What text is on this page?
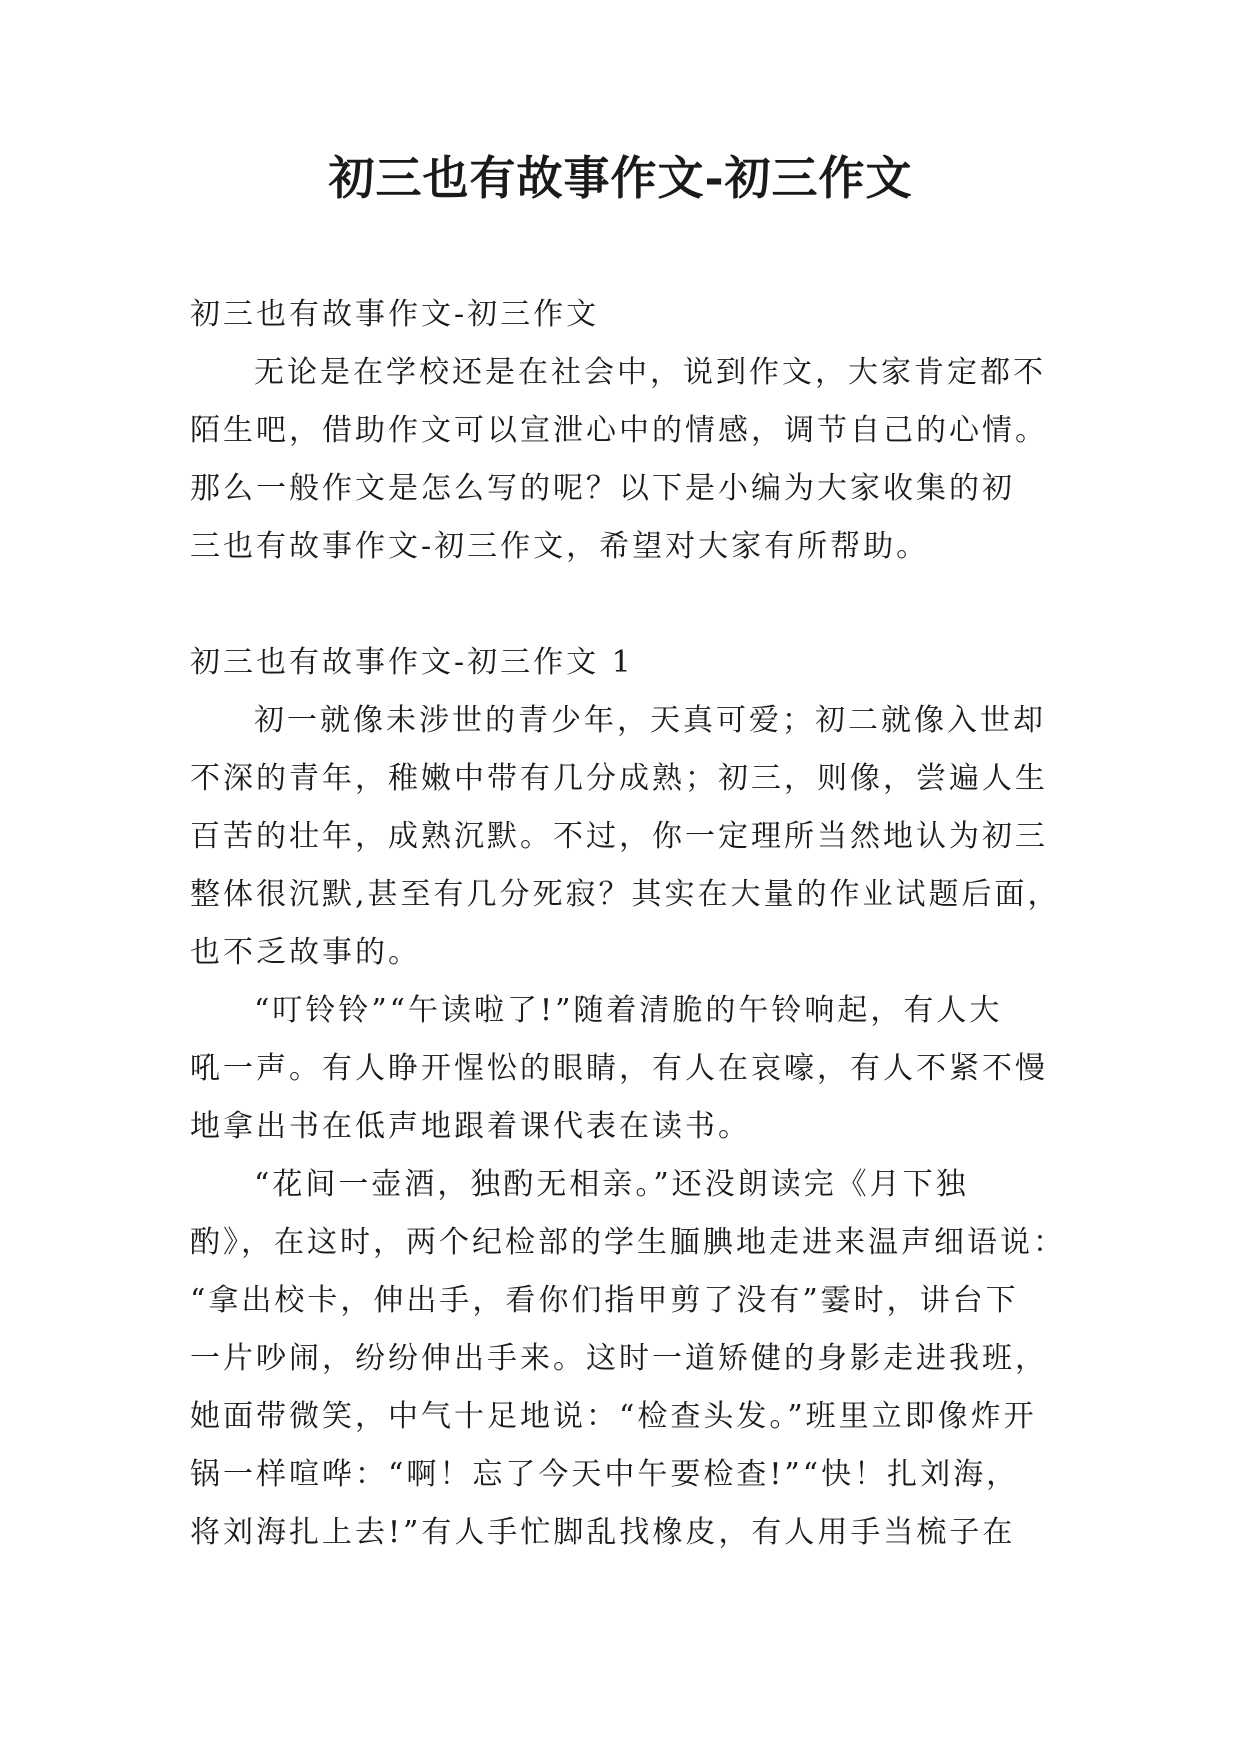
初三也有故事作文-初三作文
初三也有故事作文-初三作文
无论是在学校还是在社会中，说到作文，大家肯定都不
陌生吧，借助作文可以宣泄心中的情感，调节自己的心情。
那么一般作文是怎么写的呢？以下是小编为大家收集的初
三也有故事作文-初三作文，希望对大家有所帮助。
初三也有故事作文-初三作文 1
初一就像未涉世的青少年，天真可爱；初二就像入世却
不深的青年，稚嫩中带有几分成熟；初三，则像，尝遍人生
百苦的壮年，成熟沉默。不过，你一定理所当然地认为初三
整体很沉默,甚至有几分死寂？其实在大量的作业试题后面，
也不乏故事的。
“叮铃铃”“午读啦了!”随着清脆的午铃响起，有人大
吼一声。有人睁开惺忪的眼睛，有人在哀嚎，有人不紧不慢
地拿出书在低声地跟着课代表在读书。
“花间一壶酒，独酌无相亲。”还没朗读完《月下独
酌》，在这时，两个纪检部的学生腼腆地走进来温声细语说：
“拿出校卡，伸出手，看你们指甲剪了没有”霎时，讲台下
一片吵闹，纷纷伸出手来。这时一道矫健的身影走进我班，
她面带微笑，中气十足地说：“检查头发。”班里立即像炸开
锅一样喧哗：“啊！忘了今天中午要检查!”“快！扎刘海，
将刘海扎上去!”有人手忙脚乱找橡皮，有人用手当梳子在
